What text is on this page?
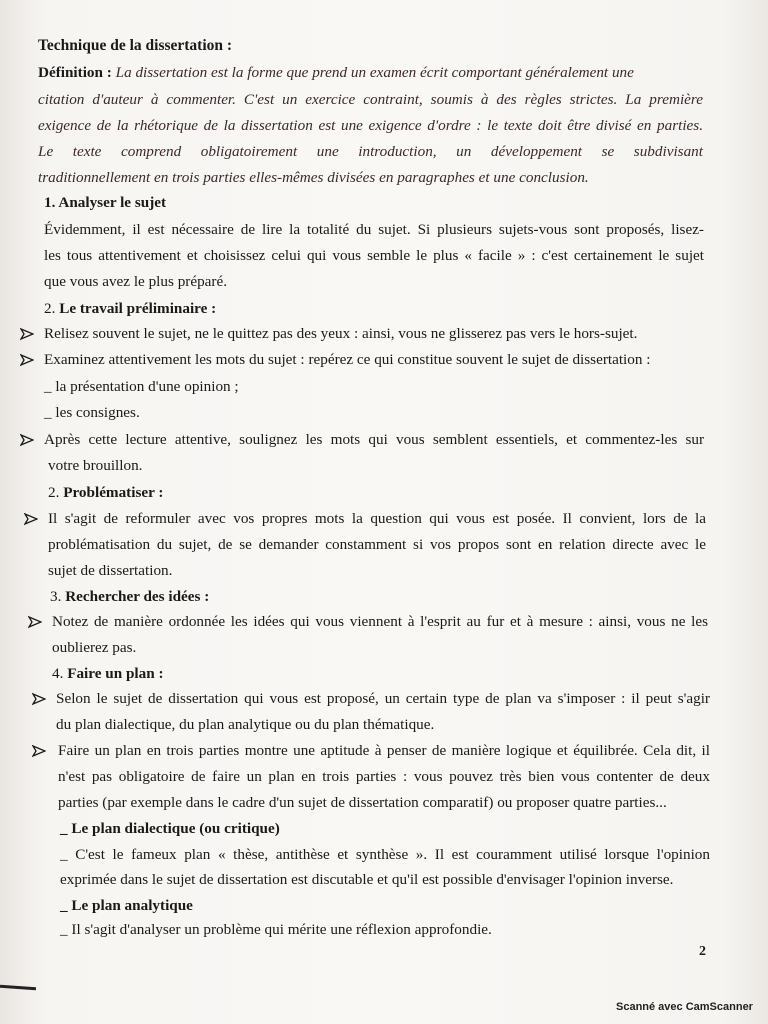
Technique de la dissertation :
Définition : La dissertation est la forme que prend un examen écrit comportant généralement une
citation d'auteur à commenter. C'est un exercice contraint, soumis à des règles strictes. La première
exigence de la rhétorique de la dissertation est une exigence d'ordre : le texte doit être divisé en parties.
Le texte comprend obligatoirement une introduction, un développement se subdivisant
traditionnellement en trois parties elles-mêmes divisées en paragraphes et une conclusion.
1. Analyser le sujet
Évidemment, il est nécessaire de lire la totalité du sujet. Si plusieurs sujets-vous sont proposés, lisez-
les tous attentivement et choisissez celui qui vous semble le plus « facile » : c'est certainement le sujet
que vous avez le plus préparé.
2. Le travail préliminaire :
Relisez souvent le sujet, ne le quittez pas des yeux : ainsi, vous ne glisserez pas vers le hors-sujet.
Examinez attentivement les mots du sujet : repérez ce qui constitue souvent le sujet de dissertation :
_ la présentation d'une opinion ;
_ les consignes.
Après cette lecture attentive, soulignez les mots qui vous semblent essentiels, et commentez-les sur
votre brouillon.
2. Problématiser :
Il s'agit de reformuler avec vos propres mots la question qui vous est posée. Il convient, lors de la
problématisation du sujet, de se demander constamment si vos propos sont en relation directe avec le
sujet de dissertation.
3. Rechercher des idées :
Notez de manière ordonnée les idées qui vous viennent à l'esprit au fur et à mesure : ainsi, vous ne les
oublierez pas.
4. Faire un plan :
Selon le sujet de dissertation qui vous est proposé, un certain type de plan va s'imposer : il peut s'agir
du plan dialectique, du plan analytique ou du plan thématique.
Faire un plan en trois parties montre une aptitude à penser de manière logique et équilibrée. Cela dit, il
n'est pas obligatoire de faire un plan en trois parties : vous pouvez très bien vous contenter de deux
parties (par exemple dans le cadre d'un sujet de dissertation comparatif) ou proposer quatre parties...
_ Le plan dialectique (ou critique)
_ C'est le fameux plan « thèse, antithèse et synthèse ». Il est couramment utilisé lorsque l'opinion
exprimée dans le sujet de dissertation est discutable et qu'il est possible d'envisager l'opinion inverse.
_ Le plan analytique
_ Il s'agit d'analyser un problème qui mérite une réflexion approfondie.
2
Scanné avec CamScanner
